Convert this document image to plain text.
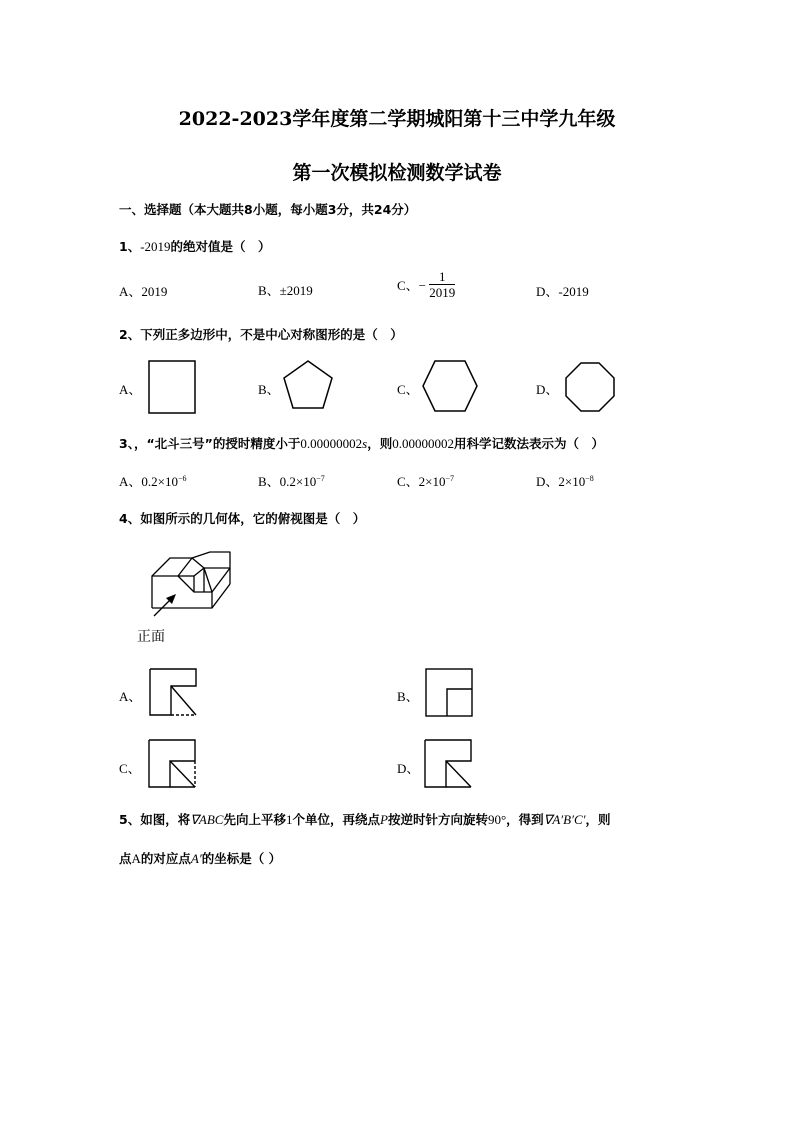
2022-2023学年度第二学期城阳第十三中学九年级
第一次模拟检测数学试卷
一、选择题（本大题共8小题，每小题3分，共24分）
1、-2019的绝对值是（　）
A、2019	B、±2019	C、− $\frac{1}{2019}$	D、-2019
2、下列正多边形中，不是中心对称图形的是（　）
A、	B、	C、	D、
3、，“北斗三号”的授时精度小于0.00000002s，则0.00000002用科学记数法表示为（　）
A、$0.2\times 10^{-6}$	B、$0.2\times 10^{-7}$	C、$2\times 10^{-7}$	D、$2\times 10^{-8}$
4、如图所示的几何体，它的俯视图是（　）
正面
A、	B、
C、	D、
5、如图，将∇ABC先向上平移1个单位，再绕点P按逆时针方向旋转90°，得到∇A′B′C′，则
点A的对应点A′的坐标是（ ）
